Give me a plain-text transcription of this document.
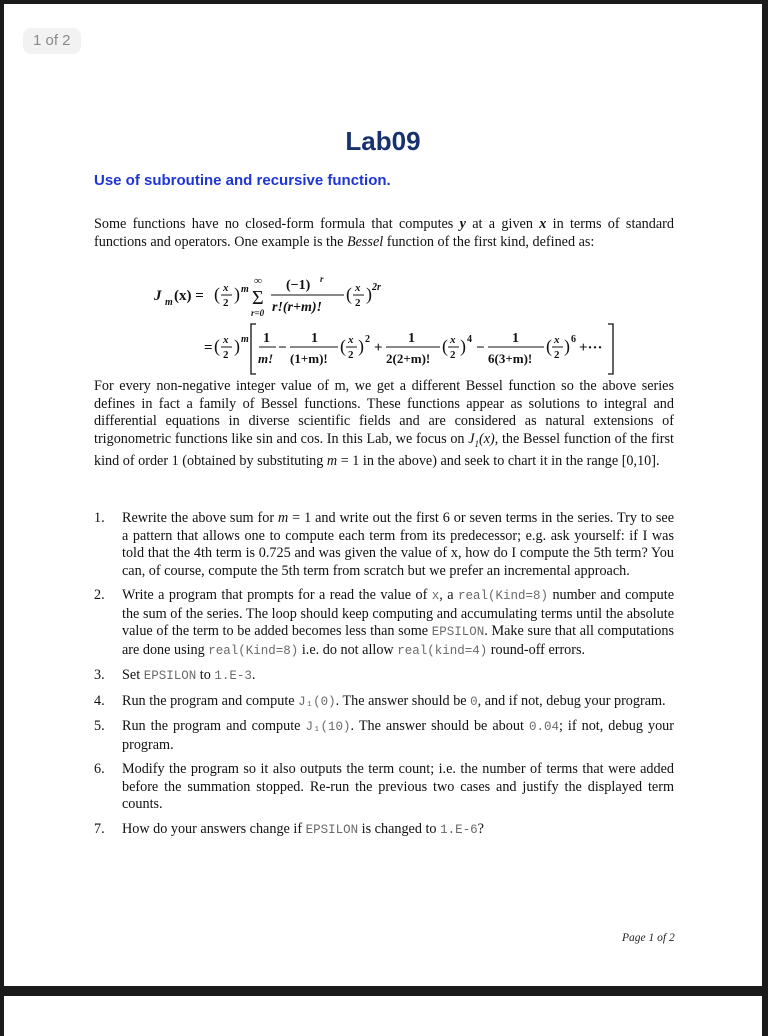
1 of 2
Lab09
Use of subroutine and recursive function.

Some functions have no closed-form formula that computes y at a given x in terms of standard functions and operators. One example is the Bessel function of the first kind, defined as:

J m (x) = ( x
2 ) m
∞
Σ
r=0
(−1) r
r!(r+m)!
( x
2 ) 2r
= ( x
2 ) m 1
m!
−
1
(1+m)!
( x
2 ) 2
+
1
2(2+m)!
( x
2 ) 4
−
1
6(3+m)!
( x
2 ) 6
+···

For every non-negative integer value of m, we get a different Bessel function so the above series defines in fact a family of Bessel functions. These functions appear as solutions to integral and differential equations in diverse scientific fields and are considered as natural extensions of trigonometric functions like sin and cos. In this Lab, we focus on $J_1(x)$, the Bessel function of the first kind of order 1 (obtained by substituting m = 1 in the above) and seek to chart it in the range [0,10].

1. Rewrite the above sum for m = 1 and write out the first 6 or seven terms in the series. Try to see a pattern that allows one to compute each term from its predecessor; e.g. ask yourself: if I was told that the 4th term is 0.725 and was given the value of x, how do I compute the 5th term? You can, of course, compute the 5th term from scratch but we prefer an incremental approach.
2. Write a program that prompts for a read the value of x, a real(Kind=8) number and compute the sum of the series. The loop should keep computing and accumulating terms until the absolute value of the term to be added becomes less than some EPSILON. Make sure that all computations are done using real(Kind=8) i.e. do not allow real(kind=4) round-off errors.
3. Set EPSILON to 1.E-3.
4. Run the program and compute J₁(0). The answer should be 0, and if not, debug your program.
5. Run the program and compute J₁(10). The answer should be about 0.04; if not, debug your program.
6. Modify the program so it also outputs the term count; i.e. the number of terms that were added before the summation stopped. Re-run the previous two cases and justify the displayed term counts.
7. How do your answers change if EPSILON is changed to 1.E-6?
Page 1 of 2
